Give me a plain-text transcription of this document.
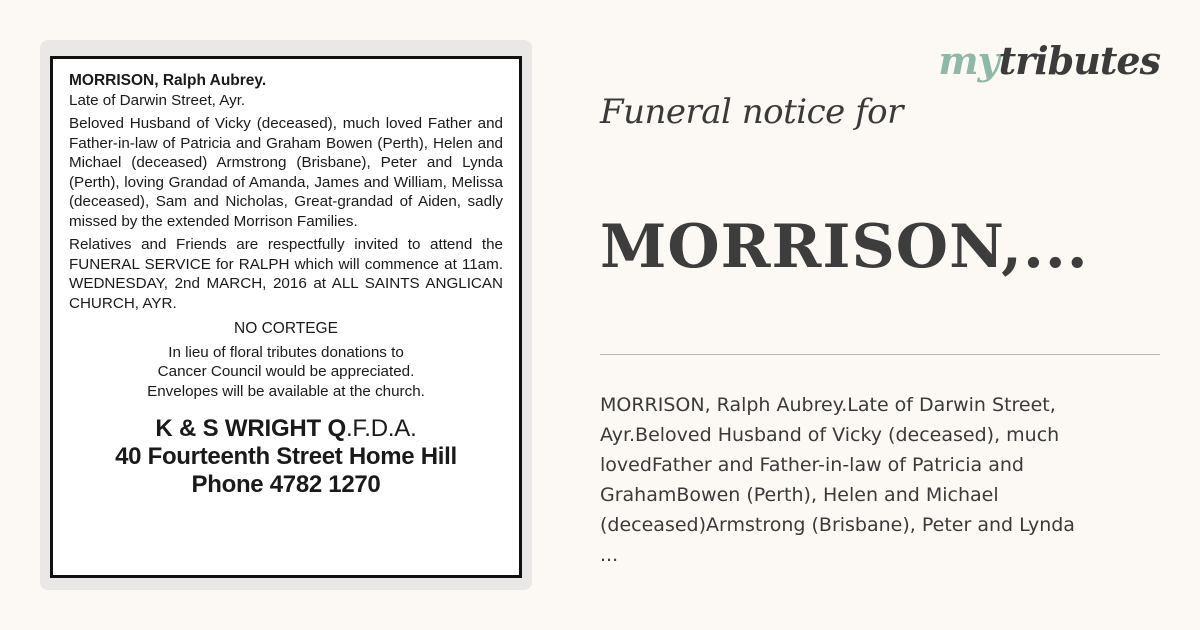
MORRISON, Ralph Aubrey.
Late of Darwin Street, Ayr.
Beloved Husband of Vicky (deceased), much loved Father and Father-in-law of Patricia and Graham Bowen (Perth), Helen and Michael (deceased) Armstrong (Brisbane), Peter and Lynda (Perth), loving Grandad of Amanda, James and William, Melissa (deceased), Sam and Nicholas, Great-grandad of Aiden, sadly missed by the extended Morrison Families.
Relatives and Friends are respectfully invited to attend the FUNERAL SERVICE for RALPH which will commence at 11am. WEDNESDAY, 2nd MARCH, 2016 at ALL SAINTS ANGLICAN CHURCH, AYR.
NO CORTEGE
In lieu of floral tributes donations to
Cancer Council would be appreciated.
Envelopes will be available at the church.
K & S WRIGHT Q.F.D.A.
40 Fourteenth Street Home Hill
Phone 4782 1270
mytributes
Funeral notice for
MORRISON,...
MORRISON, Ralph Aubrey.Late of Darwin Street,
Ayr.Beloved Husband of Vicky (deceased), much
lovedFather and Father-in-law of Patricia and
GrahamBowen (Perth), Helen and Michael
(deceased)Armstrong (Brisbane), Peter and Lynda
...
